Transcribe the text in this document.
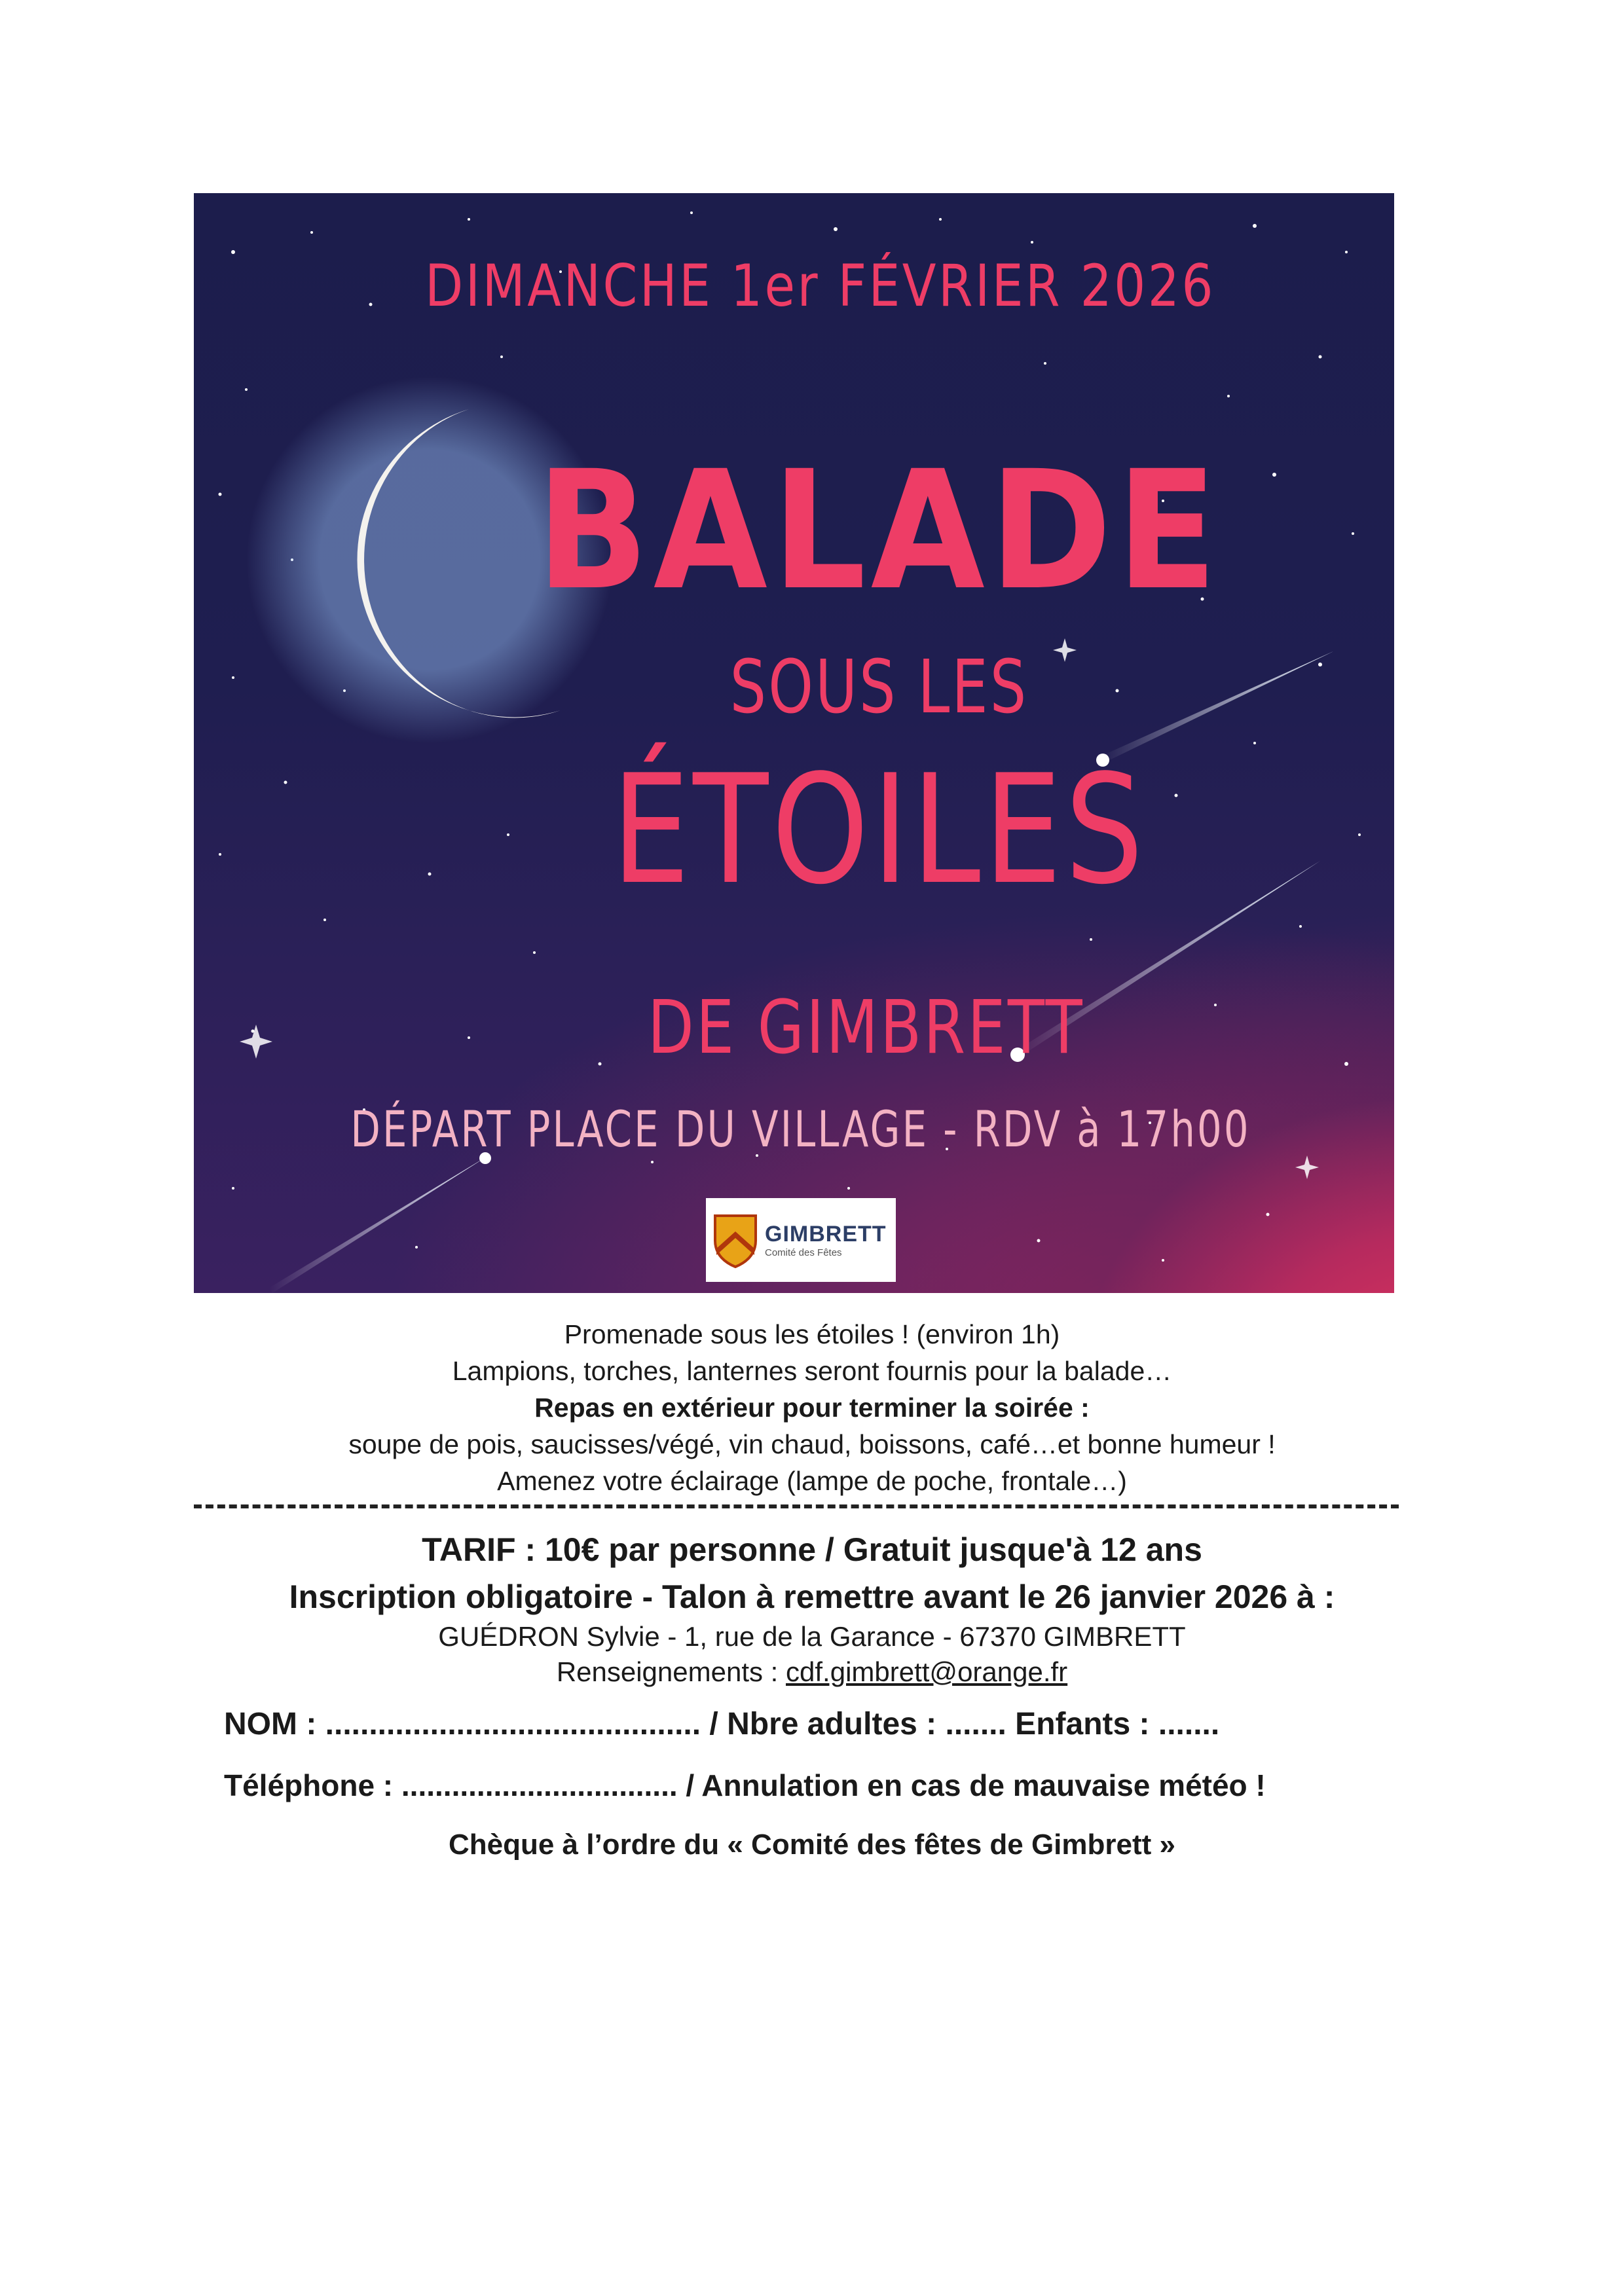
DIMANCHE 1er FÉVRIER 2026
BALADE
SOUS LES
ÉTOILES
DE GIMBRETT
DÉPART PLACE DU VILLAGE - RDV à 17h00
GIMBRETT
Comité des Fêtes
Promenade sous les étoiles ! (environ 1h)
Lampions, torches, lanternes seront fournis pour la balade…
Repas en extérieur pour terminer la soirée :
soupe de pois, saucisses/végé, vin chaud, boissons, café…et bonne humeur !
Amenez votre éclairage (lampe de poche, frontale…)
TARIF : 10€ par personne / Gratuit jusque'à 12 ans
Inscription obligatoire - Talon à remettre avant le 26 janvier 2026 à :
GUÉDRON Sylvie - 1, rue de la Garance - 67370 GIMBRETT
Renseignements : cdf.gimbrett@orange.fr
NOM : ........................................... / Nbre adultes : ....... Enfants : .......
Téléphone : ................................. / Annulation en cas de mauvaise météo !
Chèque à l’ordre du « Comité des fêtes de Gimbrett »
